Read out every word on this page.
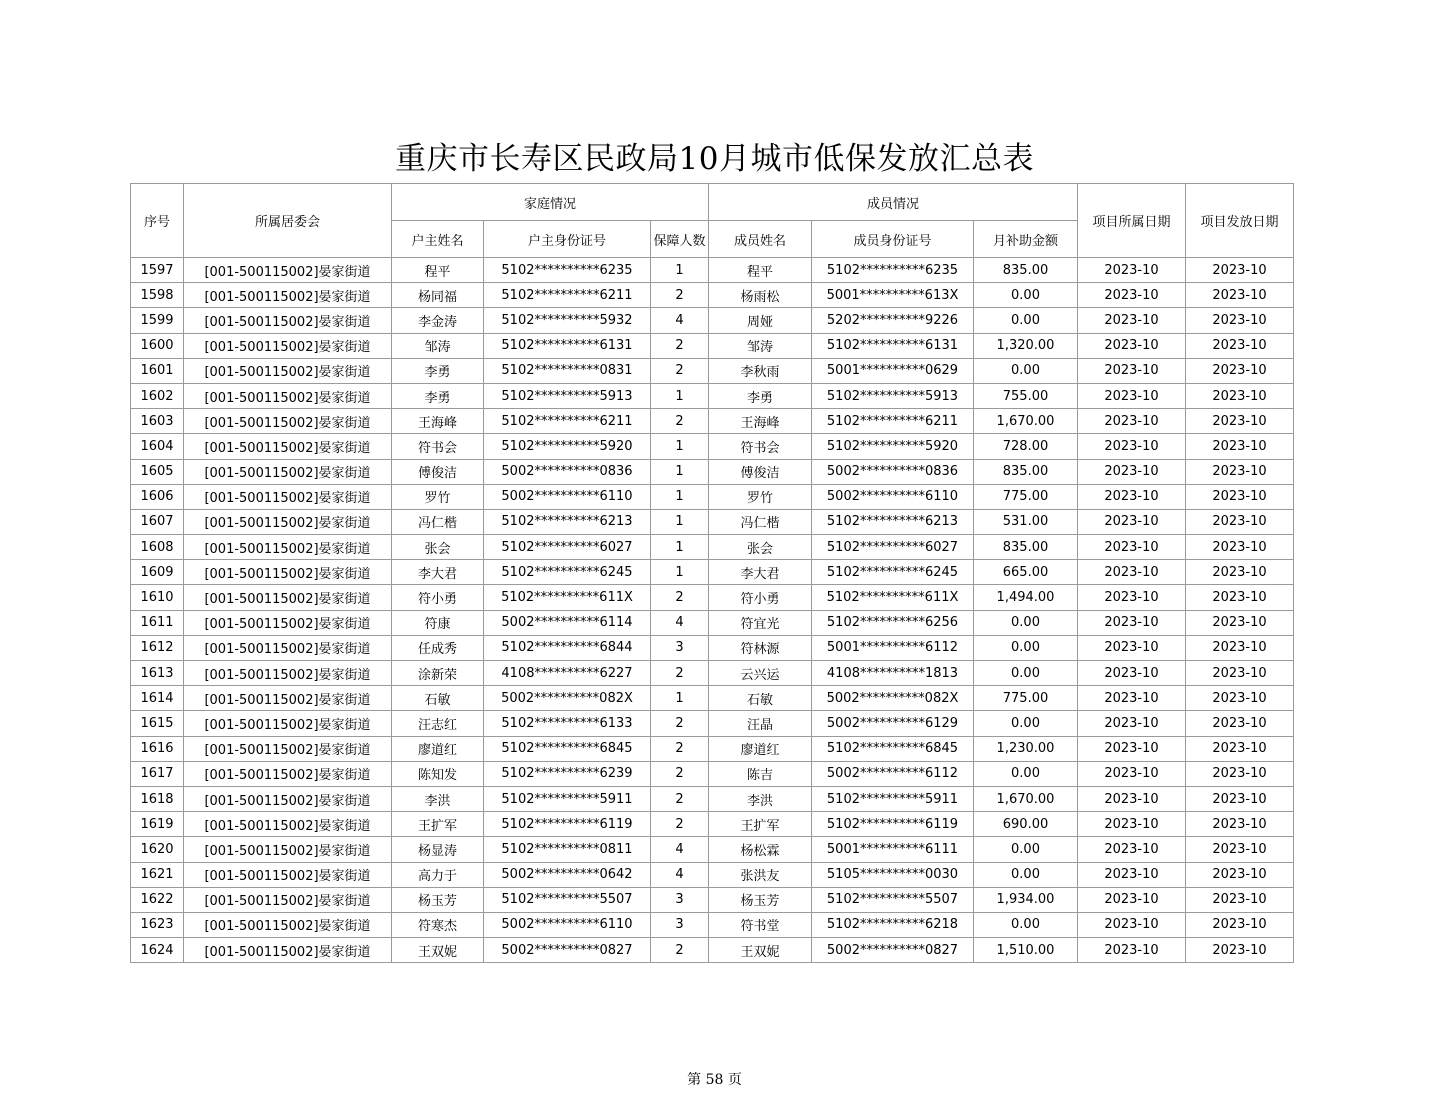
重庆市长寿区民政局10月城市低保发放汇总表
序号	所属居委会	家庭情况			成员情况			项目所属日期	项目发放日期
		户主姓名	户主身份证号	保障人数	成员姓名	成员身份证号	月补助金额		
1597	[001-500115002]晏家街道	程平	5102**********6235	1	程平	5102**********6235	835.00	2023-10	2023-10
1598	[001-500115002]晏家街道	杨同福	5102**********6211	2	杨雨松	5001**********613X	0.00	2023-10	2023-10
1599	[001-500115002]晏家街道	李金涛	5102**********5932	4	周娅	5202**********9226	0.00	2023-10	2023-10
1600	[001-500115002]晏家街道	邹涛	5102**********6131	2	邹涛	5102**********6131	1,320.00	2023-10	2023-10
1601	[001-500115002]晏家街道	李勇	5102**********0831	2	李秋雨	5001**********0629	0.00	2023-10	2023-10
1602	[001-500115002]晏家街道	李勇	5102**********5913	1	李勇	5102**********5913	755.00	2023-10	2023-10
1603	[001-500115002]晏家街道	王海峰	5102**********6211	2	王海峰	5102**********6211	1,670.00	2023-10	2023-10
1604	[001-500115002]晏家街道	符书会	5102**********5920	1	符书会	5102**********5920	728.00	2023-10	2023-10
1605	[001-500115002]晏家街道	傅俊洁	5002**********0836	1	傅俊洁	5002**********0836	835.00	2023-10	2023-10
1606	[001-500115002]晏家街道	罗竹	5002**********6110	1	罗竹	5002**********6110	775.00	2023-10	2023-10
1607	[001-500115002]晏家街道	冯仁楷	5102**********6213	1	冯仁楷	5102**********6213	531.00	2023-10	2023-10
1608	[001-500115002]晏家街道	张会	5102**********6027	1	张会	5102**********6027	835.00	2023-10	2023-10
1609	[001-500115002]晏家街道	李大君	5102**********6245	1	李大君	5102**********6245	665.00	2023-10	2023-10
1610	[001-500115002]晏家街道	符小勇	5102**********611X	2	符小勇	5102**********611X	1,494.00	2023-10	2023-10
1611	[001-500115002]晏家街道	符康	5002**********6114	4	符宜光	5102**********6256	0.00	2023-10	2023-10
1612	[001-500115002]晏家街道	任成秀	5102**********6844	3	符林源	5001**********6112	0.00	2023-10	2023-10
1613	[001-500115002]晏家街道	涂新荣	4108**********6227	2	云兴运	4108**********1813	0.00	2023-10	2023-10
1614	[001-500115002]晏家街道	石敏	5002**********082X	1	石敏	5002**********082X	775.00	2023-10	2023-10
1615	[001-500115002]晏家街道	汪志红	5102**********6133	2	汪晶	5002**********6129	0.00	2023-10	2023-10
1616	[001-500115002]晏家街道	廖道红	5102**********6845	2	廖道红	5102**********6845	1,230.00	2023-10	2023-10
1617	[001-500115002]晏家街道	陈知发	5102**********6239	2	陈吉	5002**********6112	0.00	2023-10	2023-10
1618	[001-500115002]晏家街道	李洪	5102**********5911	2	李洪	5102**********5911	1,670.00	2023-10	2023-10
1619	[001-500115002]晏家街道	王扩军	5102**********6119	2	王扩军	5102**********6119	690.00	2023-10	2023-10
1620	[001-500115002]晏家街道	杨显涛	5102**********0811	4	杨松霖	5001**********6111	0.00	2023-10	2023-10
1621	[001-500115002]晏家街道	高力于	5002**********0642	4	张洪友	5105**********0030	0.00	2023-10	2023-10
1622	[001-500115002]晏家街道	杨玉芳	5102**********5507	3	杨玉芳	5102**********5507	1,934.00	2023-10	2023-10
1623	[001-500115002]晏家街道	符寒杰	5002**********6110	3	符书堂	5102**********6218	0.00	2023-10	2023-10
1624	[001-500115002]晏家街道	王双妮	5002**********0827	2	王双妮	5002**********0827	1,510.00	2023-10	2023-10
第 58 页
